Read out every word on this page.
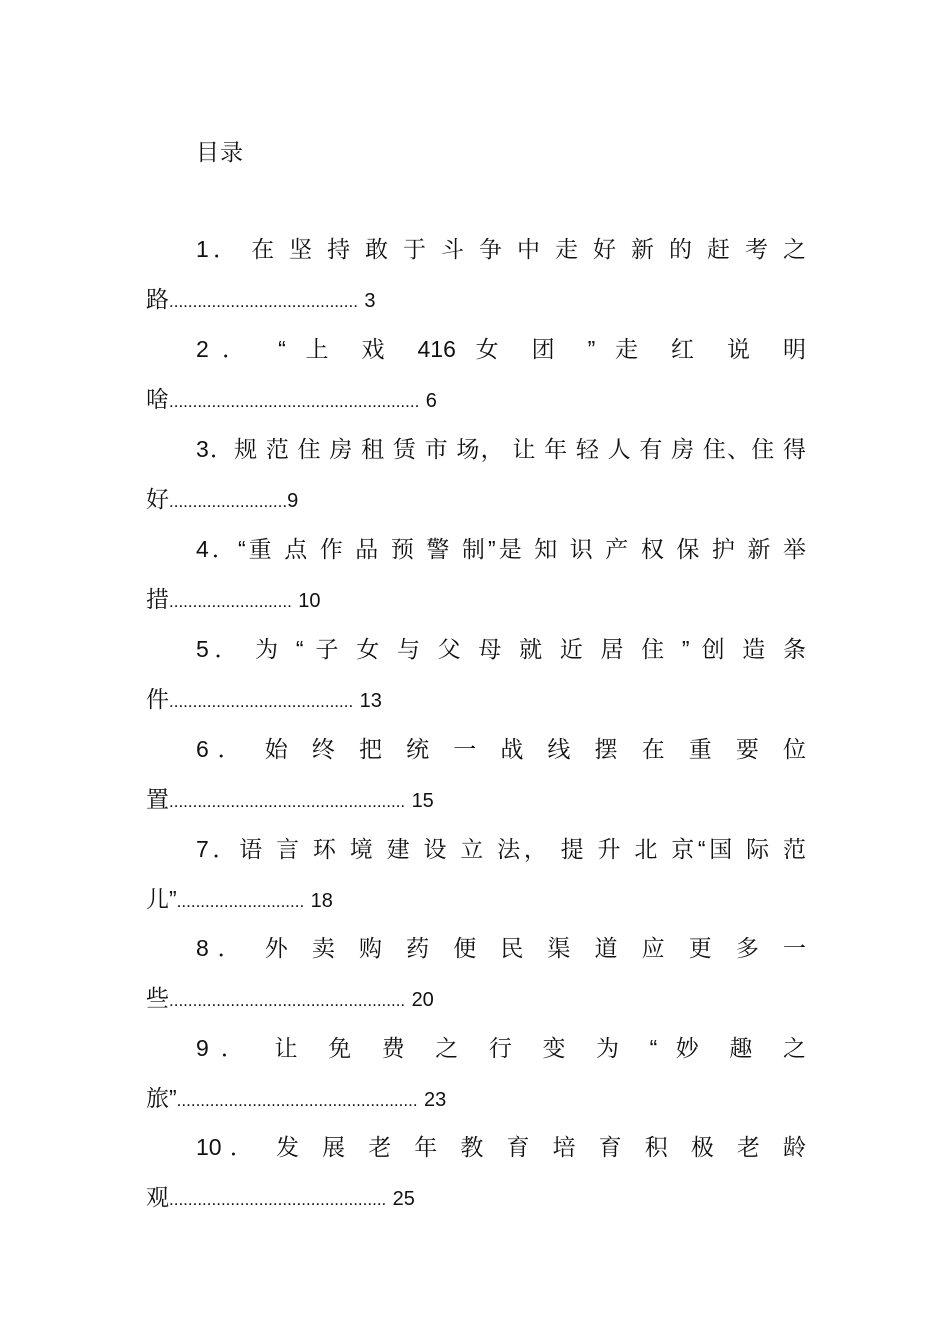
目录
1． 在 坚 持 敢 于 斗 争 中 走 好 新 的 赶 考 之
路........................................ 3
2． “ 上 戏 416 女 团 ” 走 红 说 明
啥..................................................... 6
3．规 范 住 房 租 赁 市 场， 让 年 轻 人 有 房 住、住 得
好.........................9
4．“重 点 作 品 预 警 制”是 知 识 产 权 保 护 新 举
措.......................... 10
5． 为 “ 子 女 与 父 母 就 近 居 住 ” 创 造 条
件....................................... 13
6． 始 终 把 统 一 战 线 摆 在 重 要 位
置.................................................. 15
7．语 言 环 境 建 设 立 法， 提 升 北 京“国 际 范
儿”........................... 18
8． 外 卖 购 药 便 民 渠 道 应 更 多 一
些.................................................. 20
9． 让 免 费 之 行 变 为 “ 妙 趣 之
旅”................................................... 23
10． 发 展 老 年 教 育 培 育 积 极 老 龄
观.............................................. 25
